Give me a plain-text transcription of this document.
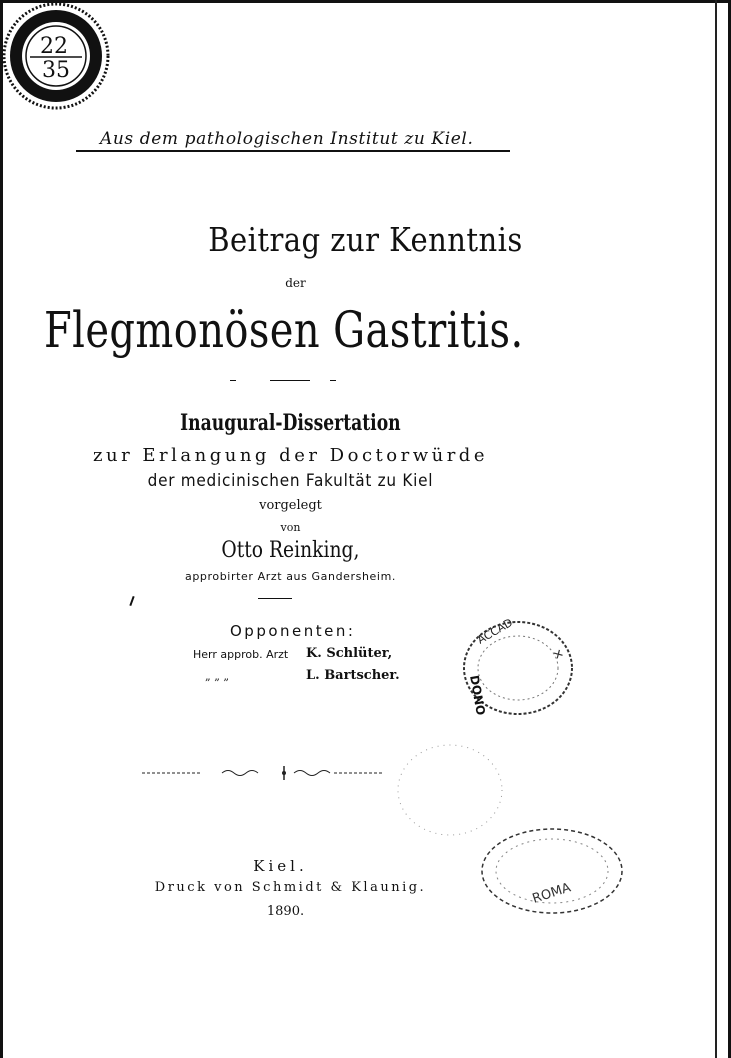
22
35
Aus dem pathologischen Institut zu Kiel.
Beitrag zur Kenntnis
der
Flegmonösen Gastritis.
Inaugural-Dissertation
zur Erlangung der Doctorwürde
der medicinischen Fakultät zu Kiel
vorgelegt
von
Otto Reinking,
approbirter Arzt aus Gandersheim.
Opponenten:
Herr approb. Arzt K. Schlüter,
„ „ „	L. Bartscher.
ACCAD
DONO
✕
Kiel.
Druck von Schmidt & Klaunig.
1890.
ROMA
